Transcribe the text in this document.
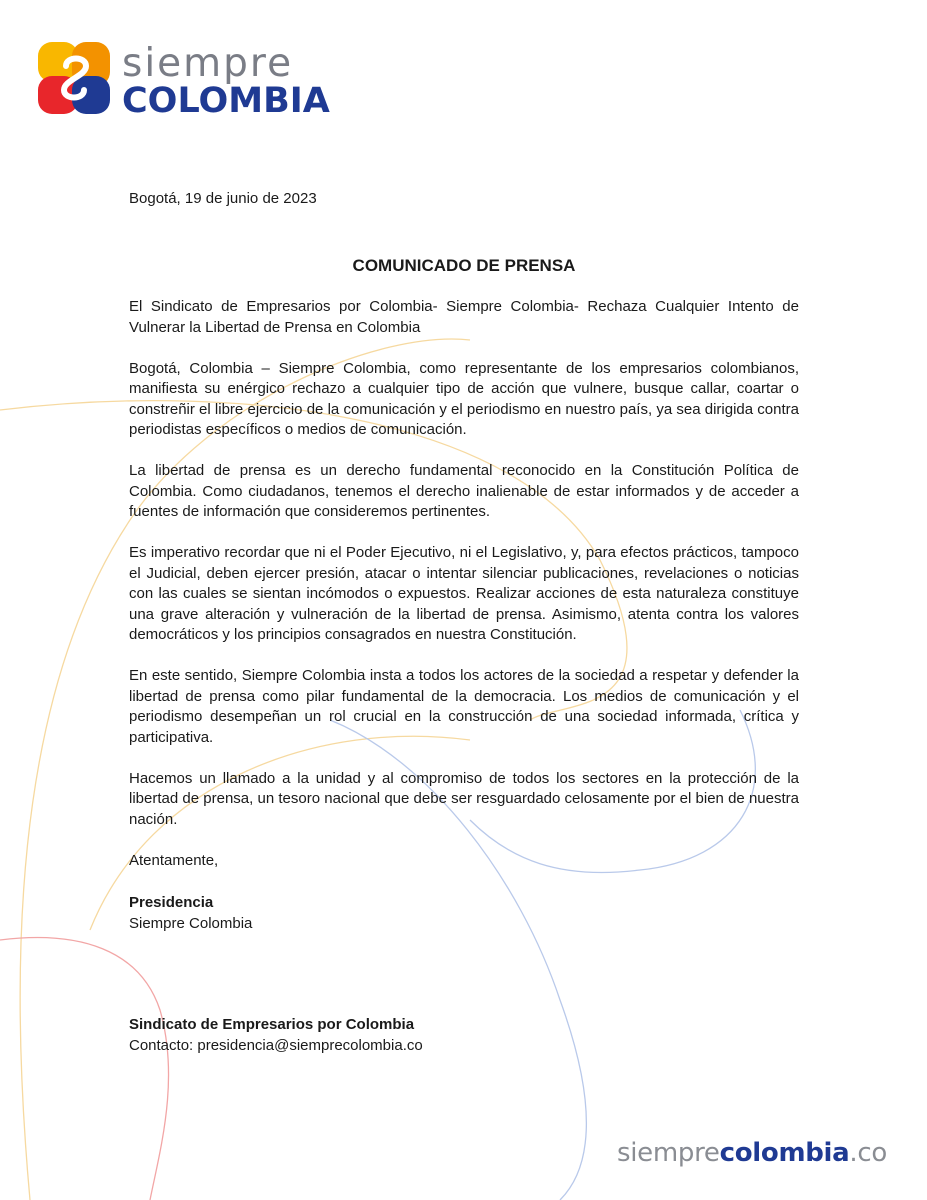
siempre
COLOMBIA
Bogotá, 19 de junio de 2023
COMUNICADO DE PRENSA

El Sindicato de Empresarios por Colombia- Siempre Colombia- Rechaza Cualquier Intento de Vulnerar la Libertad de Prensa en Colombia

Bogotá, Colombia – Siempre Colombia, como representante de los empresarios colombianos, manifiesta su enérgico rechazo a cualquier tipo de acción que vulnere, busque callar, coartar o constreñir el libre ejercicio de la comunicación y el periodismo en nuestro país, ya sea dirigida contra periodistas específicos o medios de comunicación.

La libertad de prensa es un derecho fundamental reconocido en la Constitución Política de Colombia. Como ciudadanos, tenemos el derecho inalienable de estar informados y de acceder a fuentes de información que consideremos pertinentes.

Es imperativo recordar que ni el Poder Ejecutivo, ni el Legislativo, y, para efectos prácticos, tampoco el Judicial, deben ejercer presión, atacar o intentar silenciar publicaciones, revelaciones o noticias con las cuales se sientan incómodos o expuestos. Realizar acciones de esta naturaleza constituye una grave alteración y vulneración de la libertad de prensa. Asimismo, atenta contra los valores democráticos y los principios consagrados en nuestra Constitución.

En este sentido, Siempre Colombia insta a todos los actores de la sociedad a respetar y defender la libertad de prensa como pilar fundamental de la democracia. Los medios de comunicación y el periodismo desempeñan un rol crucial en la construcción de una sociedad informada, crítica y participativa.

Hacemos un llamado a la unidad y al compromiso de todos los sectores en la protección de la libertad de prensa, un tesoro nacional que debe ser resguardado celosamente por el bien de nuestra nación.

Atentamente,

Presidencia
Siempre Colombia
Sindicato de Empresarios por Colombia
Contacto: presidencia@siemprecolombia.co
siemprecolombia.co
